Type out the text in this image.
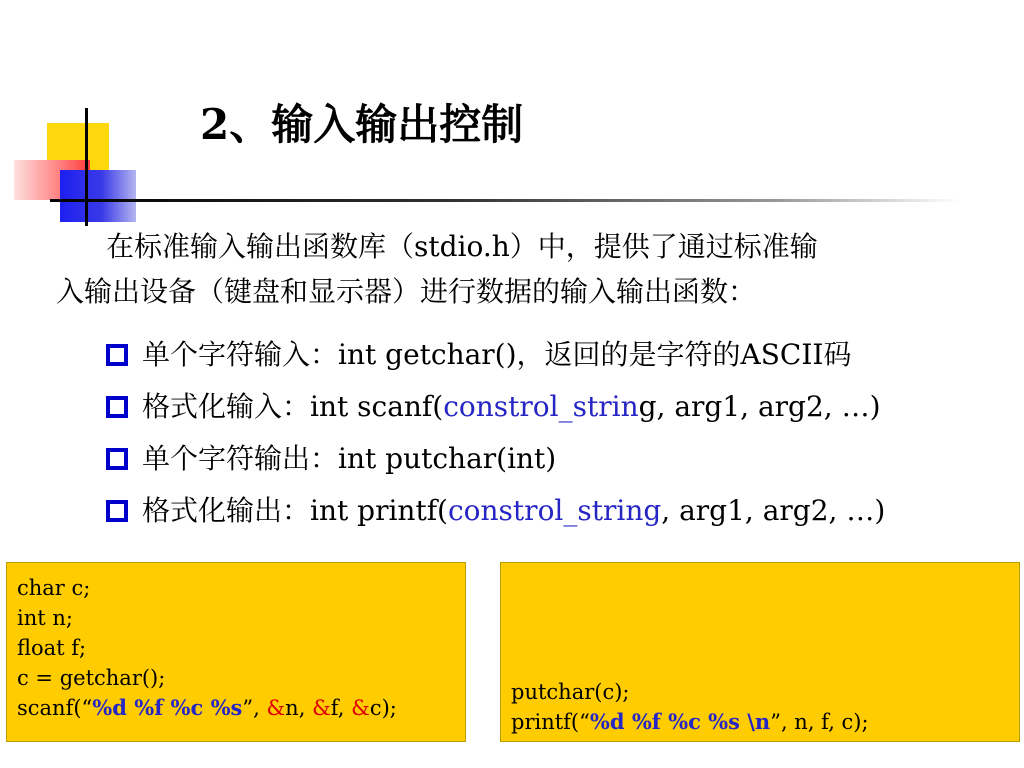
2、输入输出控制
在标准输入输出函数库（stdio.h）中，提供了通过标准输
入输出设备（键盘和显示器）进行数据的输入输出函数：
单个字符输入：int getchar()，返回的是字符的ASCII码
格式化输入：int scanf( constrol_strin g, arg1, arg2, …)
单个字符输出：int putchar(int)
格式化输出：int printf( constrol_string , arg1, arg2, …)
char c;
int n;
float f;
c = getchar();
scanf(“%d %f %c %s”, &n, &f, &c);
putchar(c);
printf(“%d %f %c %s \n”, n, f, c);
